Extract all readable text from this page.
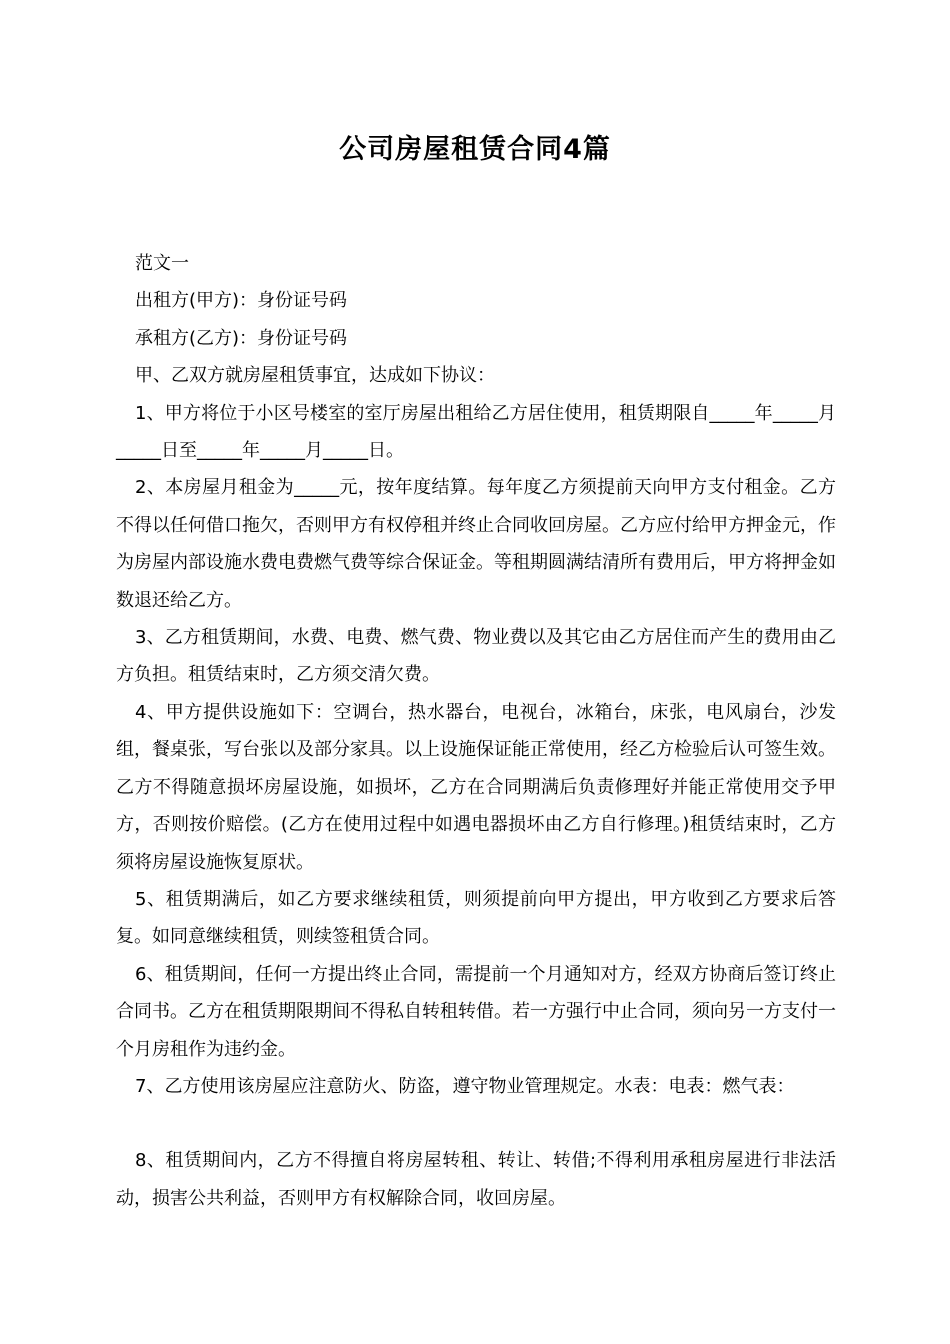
公司房屋租赁合同4篇

范文一

出租方(甲方)：身份证号码

承租方(乙方)：身份证号码

甲、乙双方就房屋租赁事宜，达成如下协议：

1、甲方将位于小区号楼室的室厅房屋出租给乙方居住使用，租赁期限自_____年_____月_____日至_____年_____月_____日。

2、本房屋月租金为_____元，按年度结算。每年度乙方须提前天向甲方支付租金。乙方不得以任何借口拖欠，否则甲方有权停租并终止合同收回房屋。乙方应付给甲方押金元，作为房屋内部设施水费电费燃气费等综合保证金。等租期圆满结清所有费用后，甲方将押金如数退还给乙方。

3、乙方租赁期间，水费、电费、燃气费、物业费以及其它由乙方居住而产生的费用由乙方负担。租赁结束时，乙方须交清欠费。

4、甲方提供设施如下：空调台，热水器台，电视台，冰箱台，床张，电风扇台，沙发组，餐桌张，写台张以及部分家具。以上设施保证能正常使用，经乙方检验后认可签生效。乙方不得随意损坏房屋设施，如损坏，乙方在合同期满后负责修理好并能正常使用交予甲方，否则按价赔偿。(乙方在使用过程中如遇电器损坏由乙方自行修理。)租赁结束时，乙方须将房屋设施恢复原状。

5、租赁期满后，如乙方要求继续租赁，则须提前向甲方提出，甲方收到乙方要求后答复。如同意继续租赁，则续签租赁合同。

6、租赁期间，任何一方提出终止合同，需提前一个月通知对方，经双方协商后签订终止合同书。乙方在租赁期限期间不得私自转租转借。若一方强行中止合同，须向另一方支付一个月房租作为违约金。

7、乙方使用该房屋应注意防火、防盗，遵守物业管理规定。水表：电表：燃气表：

8、租赁期间内，乙方不得擅自将房屋转租、转让、转借;不得利用承租房屋进行非法活动，损害公共利益，否则甲方有权解除合同，收回房屋。
